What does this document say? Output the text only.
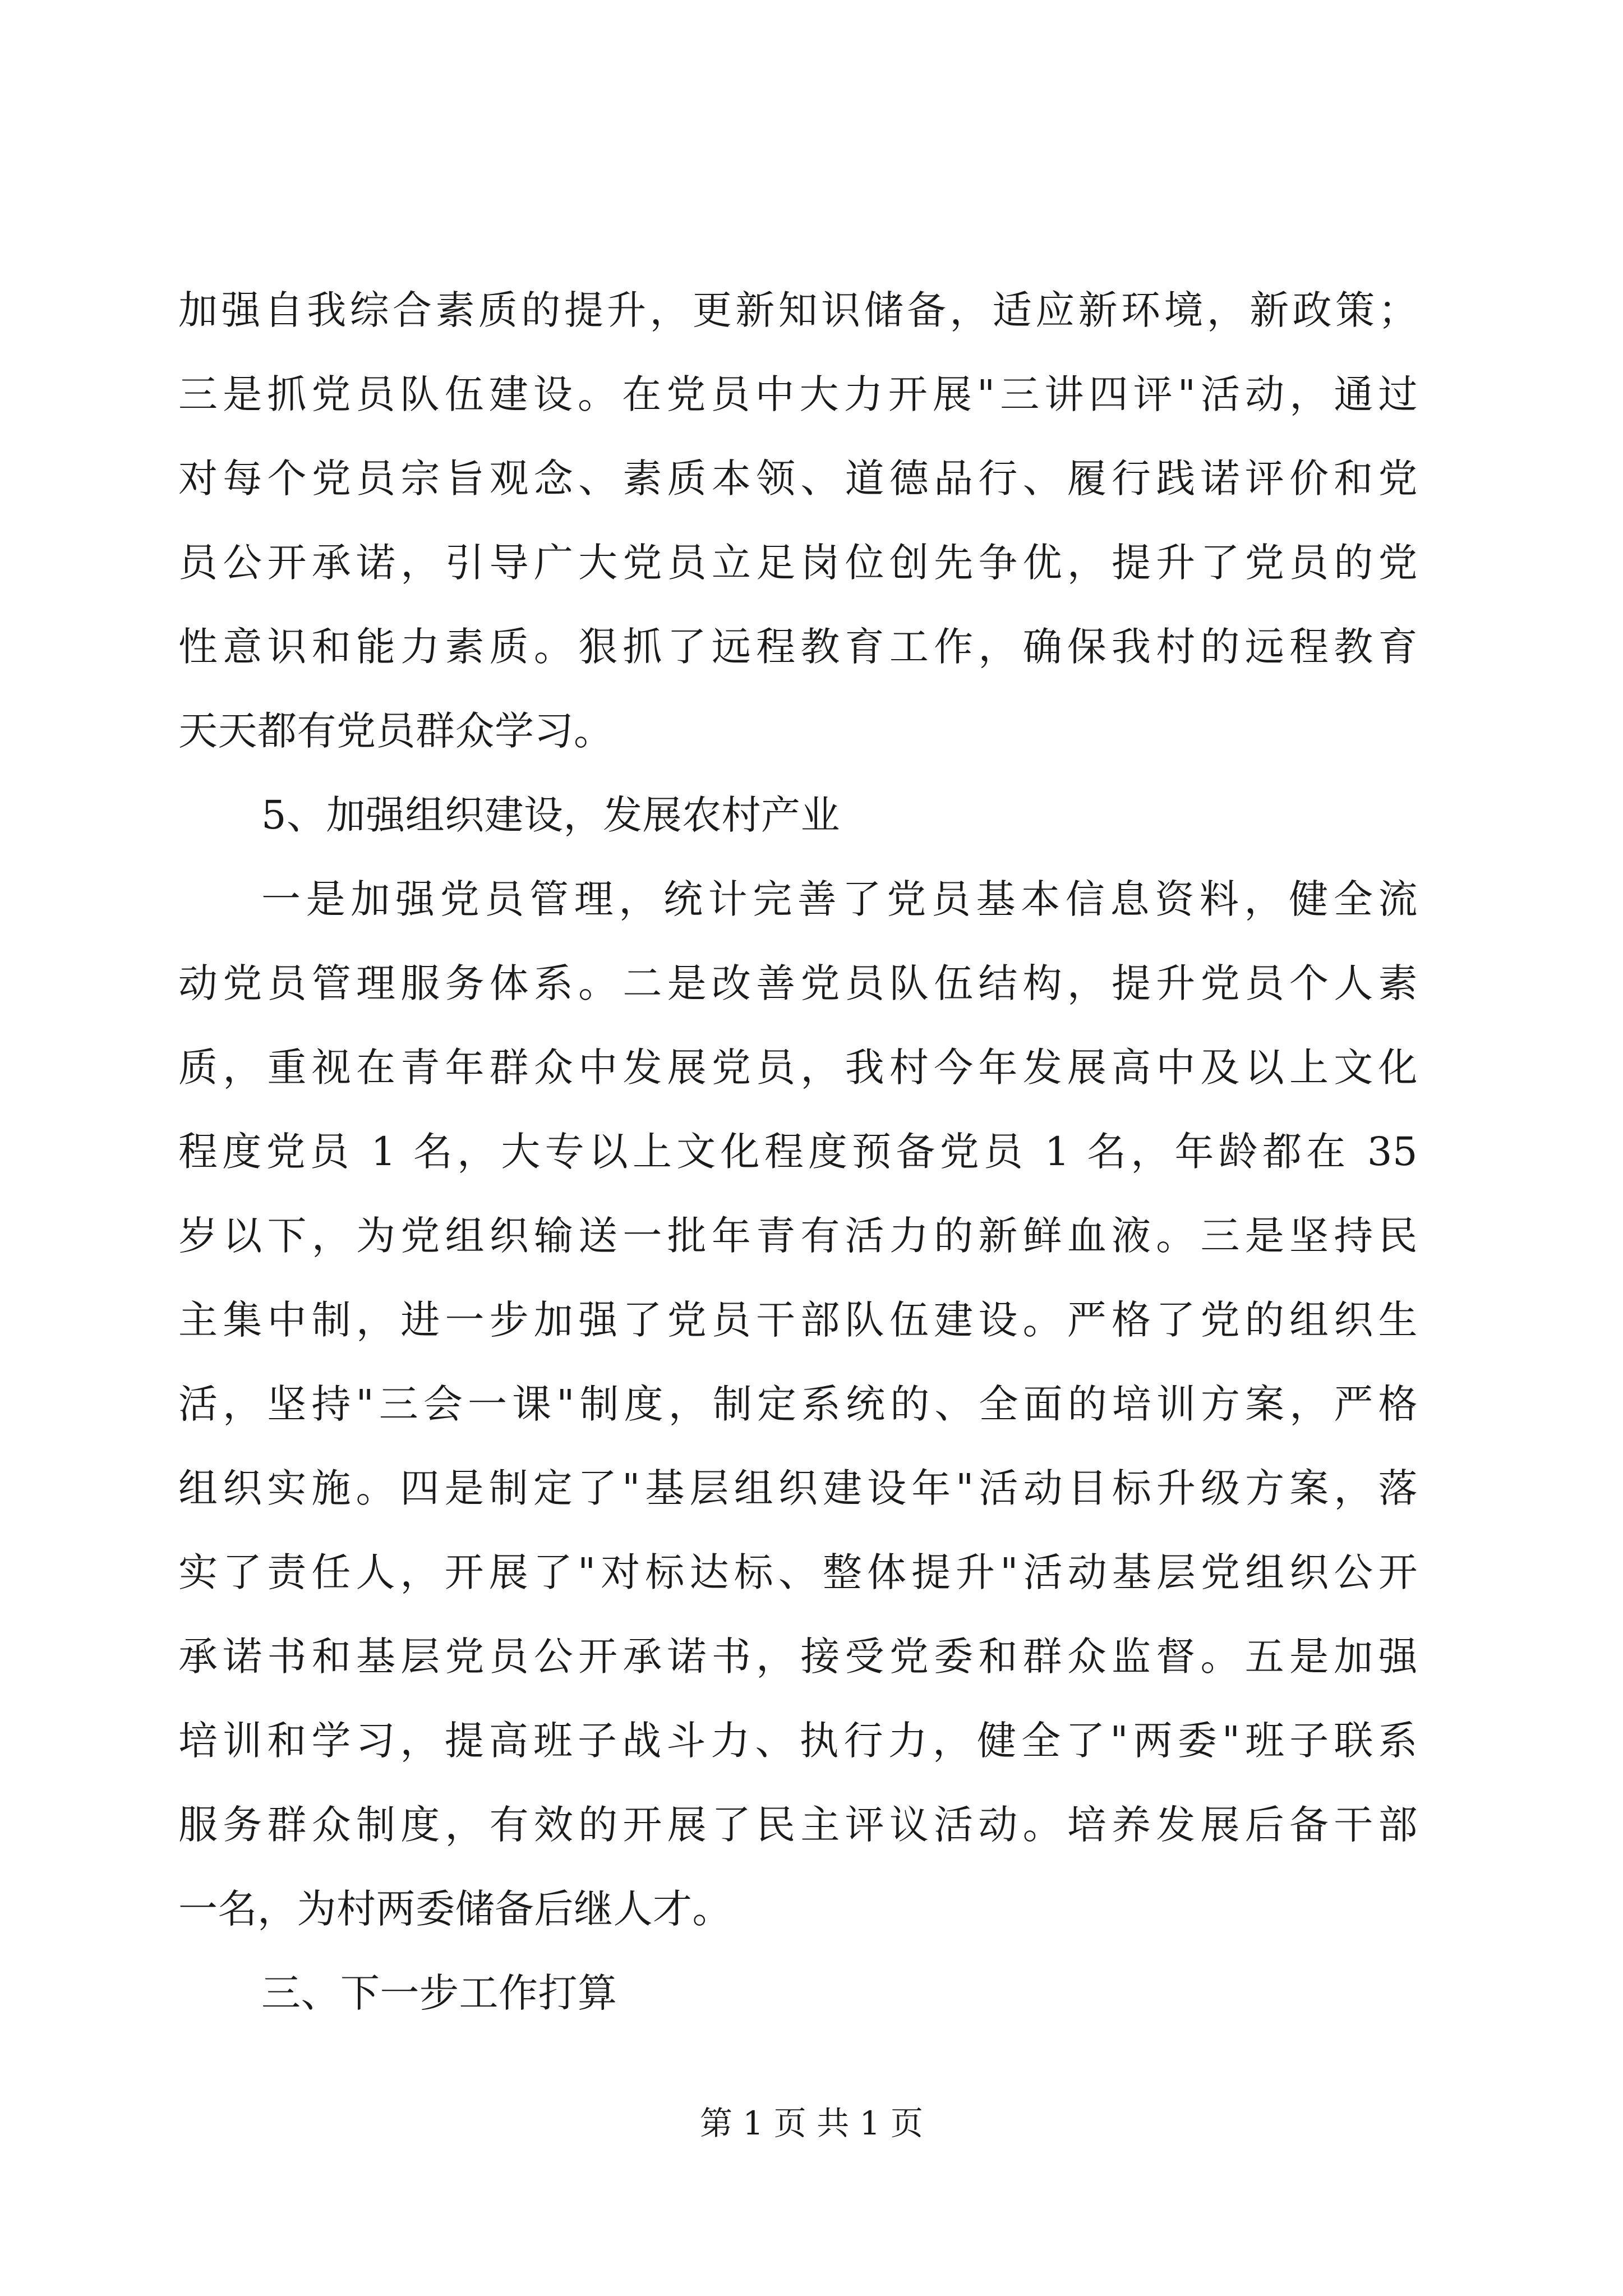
加强自我综合素质的提升，更新知识储备，适应新环境，新政策；
三是抓党员队伍建设。在党员中大力开展"三讲四评"活动，通过
对每个党员宗旨观念、素质本领、道德品行、履行践诺评价和党
员公开承诺，引导广大党员立足岗位创先争优，提升了党员的党
性意识和能力素质。狠抓了远程教育工作，确保我村的远程教育
天天都有党员群众学习。
5、加强组织建设，发展农村产业
一是加强党员管理，统计完善了党员基本信息资料，健全流
动党员管理服务体系。二是改善党员队伍结构，提升党员个人素
质，重视在青年群众中发展党员，我村今年发展高中及以上文化
程度党员 1 名，大专以上文化程度预备党员 1 名，年龄都在 35
岁以下，为党组织输送一批年青有活力的新鲜血液。三是坚持民
主集中制，进一步加强了党员干部队伍建设。严格了党的组织生
活，坚持"三会一课"制度，制定系统的、全面的培训方案，严格
组织实施。四是制定了"基层组织建设年"活动目标升级方案，落
实了责任人，开展了"对标达标、整体提升"活动基层党组织公开
承诺书和基层党员公开承诺书，接受党委和群众监督。五是加强
培训和学习，提高班子战斗力、执行力，健全了"两委"班子联系
服务群众制度，有效的开展了民主评议活动。培养发展后备干部
一名，为村两委储备后继人才。
三、下一步工作打算
第 1 页 共 1 页
